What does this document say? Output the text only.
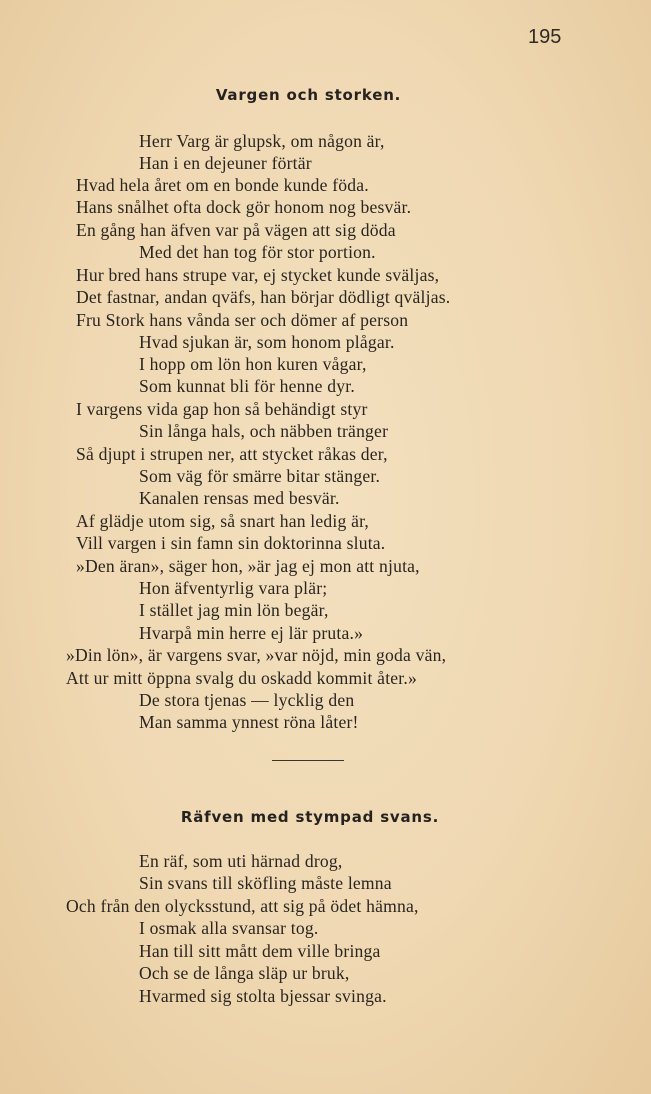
195
Vargen och storken.
Herr Varg är glupsk, om någon är,
Han i en dejeuner förtär
Hvad hela året om en bonde kunde föda.
Hans snålhet ofta dock gör honom nog besvär.
En gång han äfven var på vägen att sig döda
Med det han tog för stor portion.
Hur bred hans strupe var, ej stycket kunde sväljas,
Det fastnar, andan qväfs, han börjar dödligt qväljas.
Fru Stork hans vånda ser och dömer af person
Hvad sjukan är, som honom plågar.
I hopp om lön hon kuren vågar,
Som kunnat bli för henne dyr.
I vargens vida gap hon så behändigt styr
Sin långa hals, och näbben tränger
Så djupt i strupen ner, att stycket råkas der,
Som väg för smärre bitar stänger.
Kanalen rensas med besvär.
Af glädje utom sig, så snart han ledig är,
Vill vargen i sin famn sin doktorinna sluta.
»Den äran», säger hon, »är jag ej mon att njuta,
Hon äfventyrlig vara plär;
I stället jag min lön begär,
Hvarpå min herre ej lär pruta.»
»Din lön», är vargens svar, »var nöjd, min goda vän,
Att ur mitt öppna svalg du oskadd kommit åter.»
De stora tjenas — lycklig den
Man samma ynnest röna låter!
Räfven med stympad svans.
En räf, som uti härnad drog,
Sin svans till sköfling måste lemna
Och från den olycksstund, att sig på ödet hämna,
I osmak alla svansar tog.
Han till sitt mått dem ville bringa
Och se de långa släp ur bruk,
Hvarmed sig stolta bjessar svinga.
